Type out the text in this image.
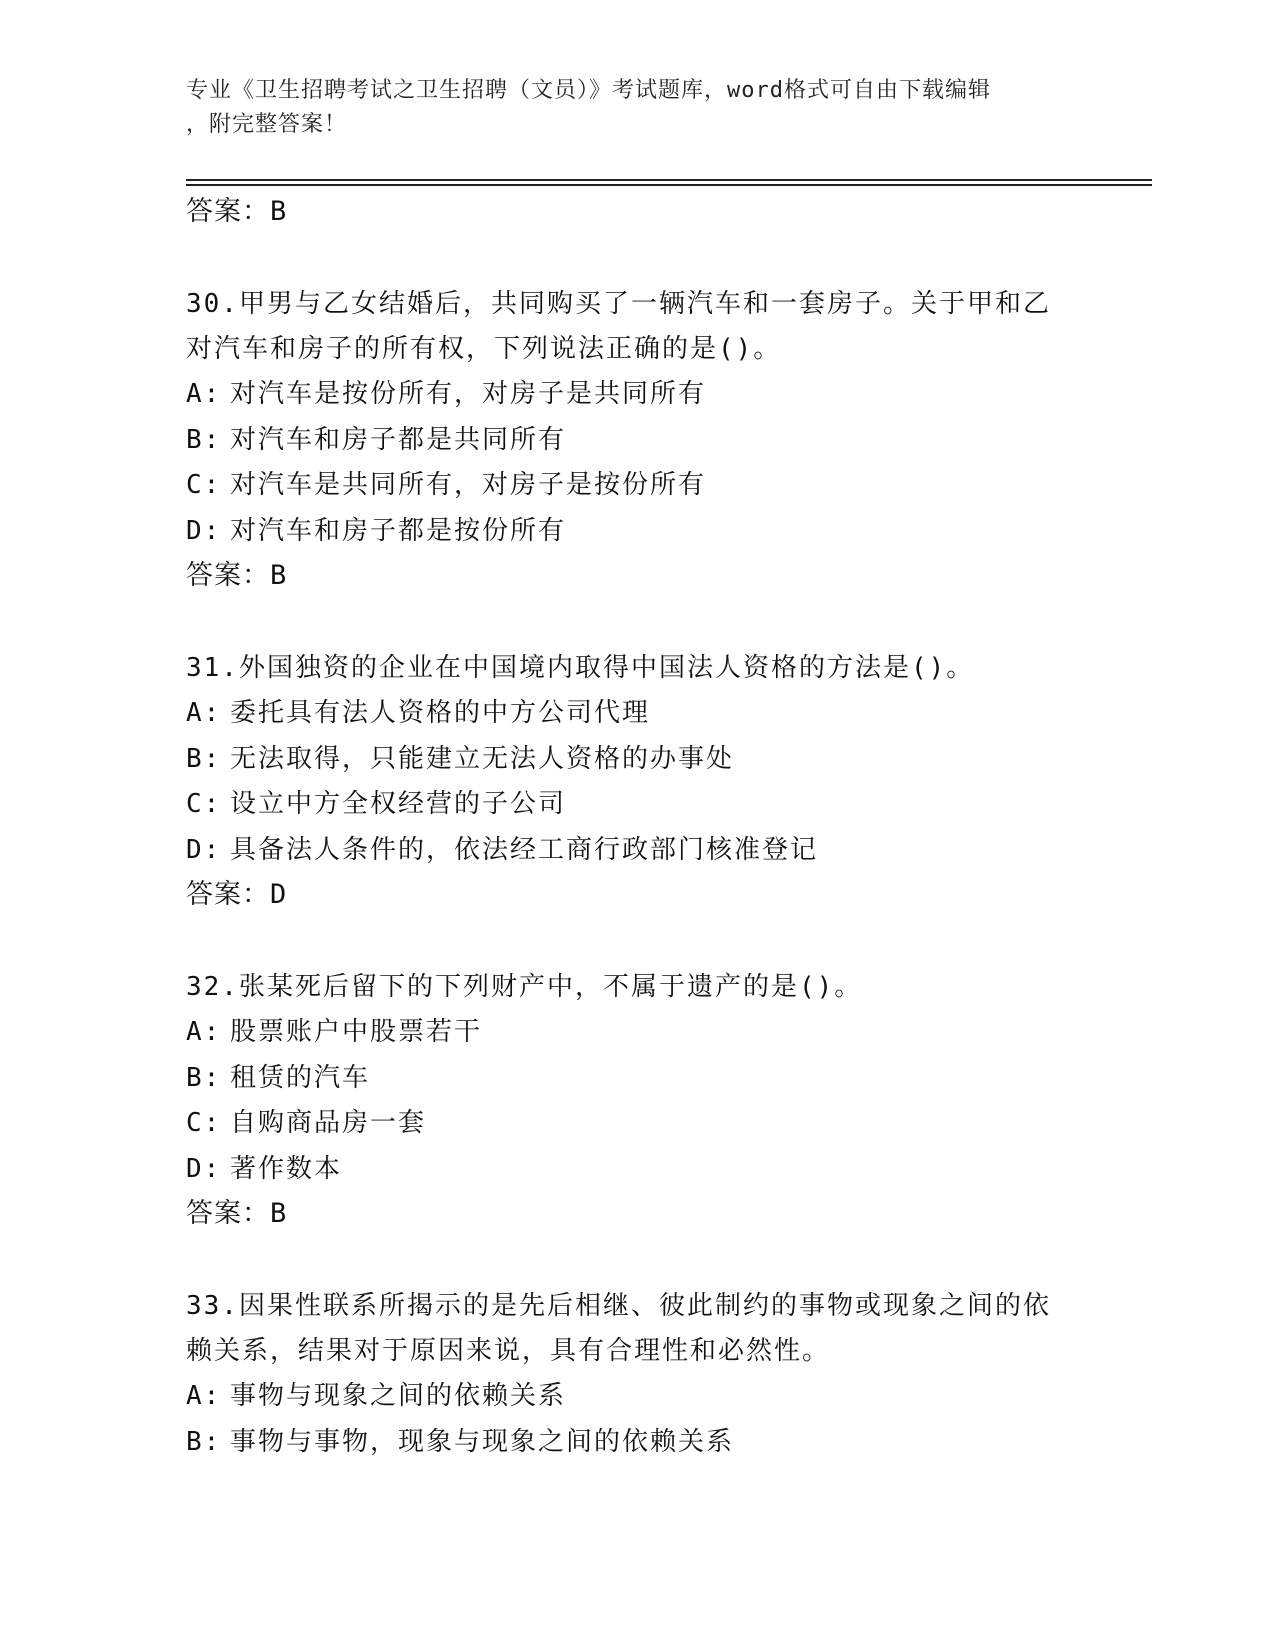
专业《卫生招聘考试之卫生招聘（文员）》考试题库，word格式可自由下载编辑
，附完整答案！
答案：B

30.甲男与乙女结婚后，共同购买了一辆汽车和一套房子。关于甲和乙
对汽车和房子的所有权，下列说法正确的是()。

A: 对汽车是按份所有，对房子是共同所有
B: 对汽车和房子都是共同所有
C: 对汽车是共同所有，对房子是按份所有
D: 对汽车和房子都是按份所有
答案：B

31.外国独资的企业在中国境内取得中国法人资格的方法是()。

A: 委托具有法人资格的中方公司代理
B: 无法取得，只能建立无法人资格的办事处
C: 设立中方全权经营的子公司
D: 具备法人条件的，依法经工商行政部门核准登记
答案：D

32.张某死后留下的下列财产中，不属于遗产的是()。

A: 股票账户中股票若干
B: 租赁的汽车
C: 自购商品房一套
D: 著作数本
答案：B

33.因果性联系所揭示的是先后相继、彼此制约的事物或现象之间的依
赖关系，结果对于原因来说，具有合理性和必然性。

A: 事物与现象之间的依赖关系
B: 事物与事物，现象与现象之间的依赖关系
